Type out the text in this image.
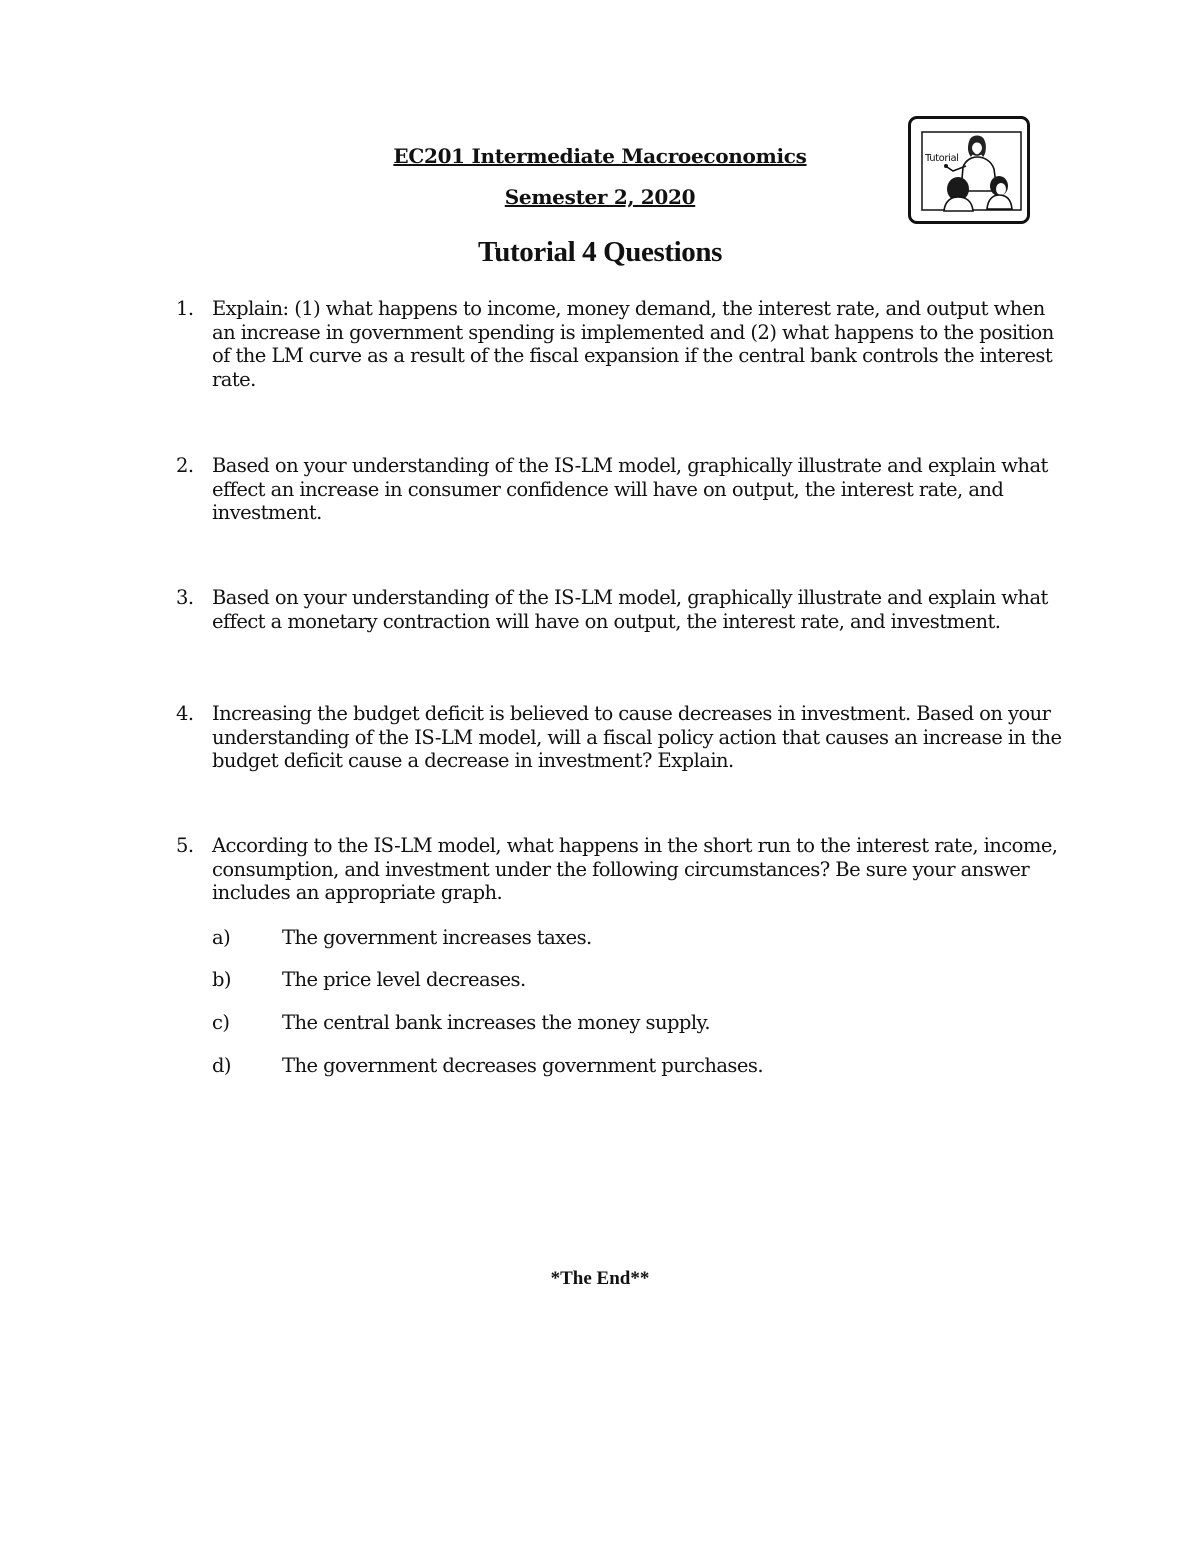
EC201 Intermediate Macroeconomics
Semester 2, 2020
Tutorial
Tutorial 4 Questions
1. Explain: (1) what happens to income, money demand, the interest rate, and output when an increase in government spending is implemented and (2) what happens to the position of the LM curve as a result of the fiscal expansion if the central bank controls the interest rate.
2. Based on your understanding of the IS-LM model, graphically illustrate and explain what effect an increase in consumer confidence will have on output, the interest rate, and investment.
3. Based on your understanding of the IS-LM model, graphically illustrate and explain what effect a monetary contraction will have on output, the interest rate, and investment.
4. Increasing the budget deficit is believed to cause decreases in investment. Based on your understanding of the IS-LM model, will a fiscal policy action that causes an increase in the budget deficit cause a decrease in investment? Explain.
5. According to the IS-LM model, what happens in the short run to the interest rate, income, consumption, and investment under the following circumstances? Be sure your answer includes an appropriate graph.
a)	The government increases taxes.
b)	The price level decreases.
c)	The central bank increases the money supply.
d)	The government decreases government purchases.
*The End**
